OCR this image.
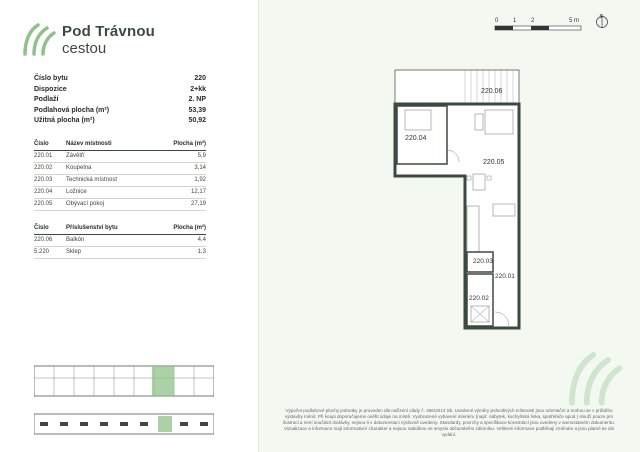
Pod Trávnou
cestou
Číslo bytu	220
Dispozice	2+kk
Podlaží	2. NP
Podlahová plocha (m²)	53,39
Užitná plocha (m²)	50,92
Číslo	Název místnosti	Plocha (m²)
220.01	Závětří	5,9
220.02	Koupelna	3,14
220.03	Technická místnost	1,92
220.04	Ložnice	12,17
220.05	Obývací pokoj	27,19
Číslo	Příslušenství bytu	Plocha (m²)
220.06	Balkón	4,4
5.220	Sklep	1,3
0 1 2	5 m
S
220.06
220.04
220.05
220.03
220.01
220.02
Výpočet podlahové plochy jednotky je proveden dle nařízení vlády č. 366/2013 Sb. Uvedené výměry jednotlivých místností jsou orientační a mohou se v průběhu výstavby měnit. Při koupi doporučujeme ověřit údaje na místě. Vyobrazené vybavení interiéru (např. nábytek, kuchyňská linka, spotřebiče apod.) slouží pouze pro ilustraci a není součástí dodávky, nejsou-li v dokumentaci výslovně uvedeny. Standardy, povrchy a specifikace konstrukcí jsou uvedeny v samostatném dokumentu. Vizualizace a informace mají informativní charakter a nejsou nabídkou ve smyslu občanského zákoníku. Veškeré informace podléhají změnám a jsou platné ke dni vydání.
